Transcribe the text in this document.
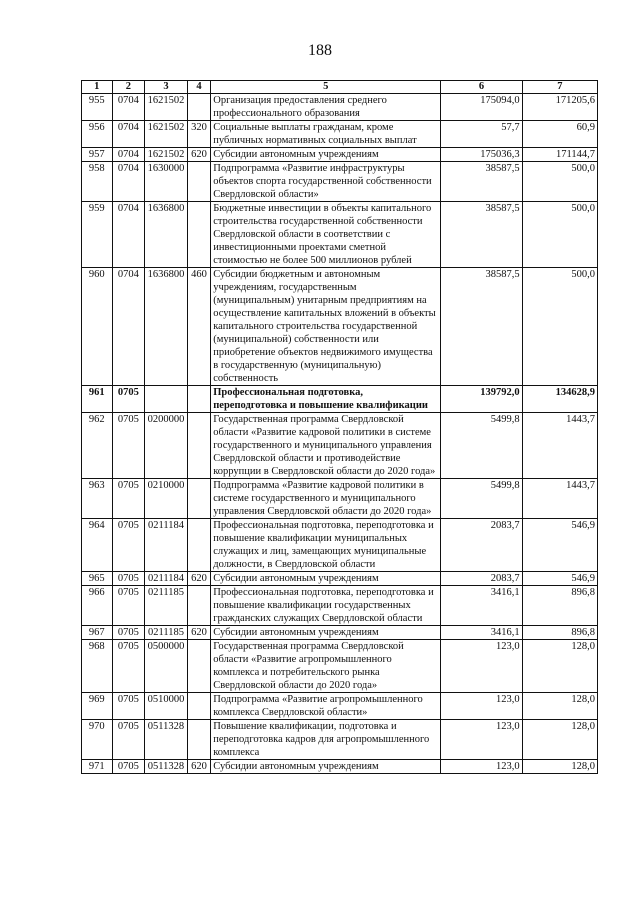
188
1	2	3	4	5	6	7
955	0704	1621502		Организация предоставления среднего профессионального образования	175094,0	171205,6
956	0704	1621502	320	Социальные выплаты гражданам, кроме публичных нормативных социальных выплат	57,7	60,9
957	0704	1621502	620	Субсидии автономным учреждениям	175036,3	171144,7
958	0704	1630000		Подпрограмма «Развитие инфраструктуры объектов спорта государственной собственности Свердловской области»	38587,5	500,0
959	0704	1636800		Бюджетные инвестиции в объекты капитального строительства государственной собственности Свердловской области в соответствии с инвестиционными проектами сметной стоимостью не более 500 миллионов рублей	38587,5	500,0
960	0704	1636800	460	Субсидии бюджетным и автономным учреждениям, государственным (муниципальным) унитарным предприятиям на осуществление капитальных вложений в объекты капитального строительства государственной (муниципальной) собственности или приобретение объектов недвижимого имущества в государственную (муниципальную) собственность	38587,5	500,0
961	0705			Профессиональная подготовка, переподготовка и повышение квалификации	139792,0	134628,9
962	0705	0200000		Государственная программа Свердловской области «Развитие кадровой политики в системе государственного и муниципального управления Свердловской области и противодействие коррупции в Свердловской области до 2020 года»	5499,8	1443,7
963	0705	0210000		Подпрограмма «Развитие кадровой политики в системе государственного и муниципального управления Свердловской области до 2020 года»	5499,8	1443,7
964	0705	0211184		Профессиональная подготовка, переподготовка и повышение квалификации муниципальных служащих и лиц, замещающих муниципальные должности, в Свердловской области	2083,7	546,9
965	0705	0211184	620	Субсидии автономным учреждениям	2083,7	546,9
966	0705	0211185		Профессиональная подготовка, переподготовка и повышение квалификации государственных гражданских служащих Свердловской области	3416,1	896,8
967	0705	0211185	620	Субсидии автономным учреждениям	3416,1	896,8
968	0705	0500000		Государственная программа Свердловской области «Развитие агропромышленного комплекса и потребительского рынка Свердловской области до 2020 года»	123,0	128,0
969	0705	0510000		Подпрограмма «Развитие агропромышленного комплекса Свердловской области»	123,0	128,0
970	0705	0511328		Повышение квалификации, подготовка и переподготовка кадров для агропромышленного комплекса	123,0	128,0
971	0705	0511328	620	Субсидии автономным учреждениям	123,0	128,0
